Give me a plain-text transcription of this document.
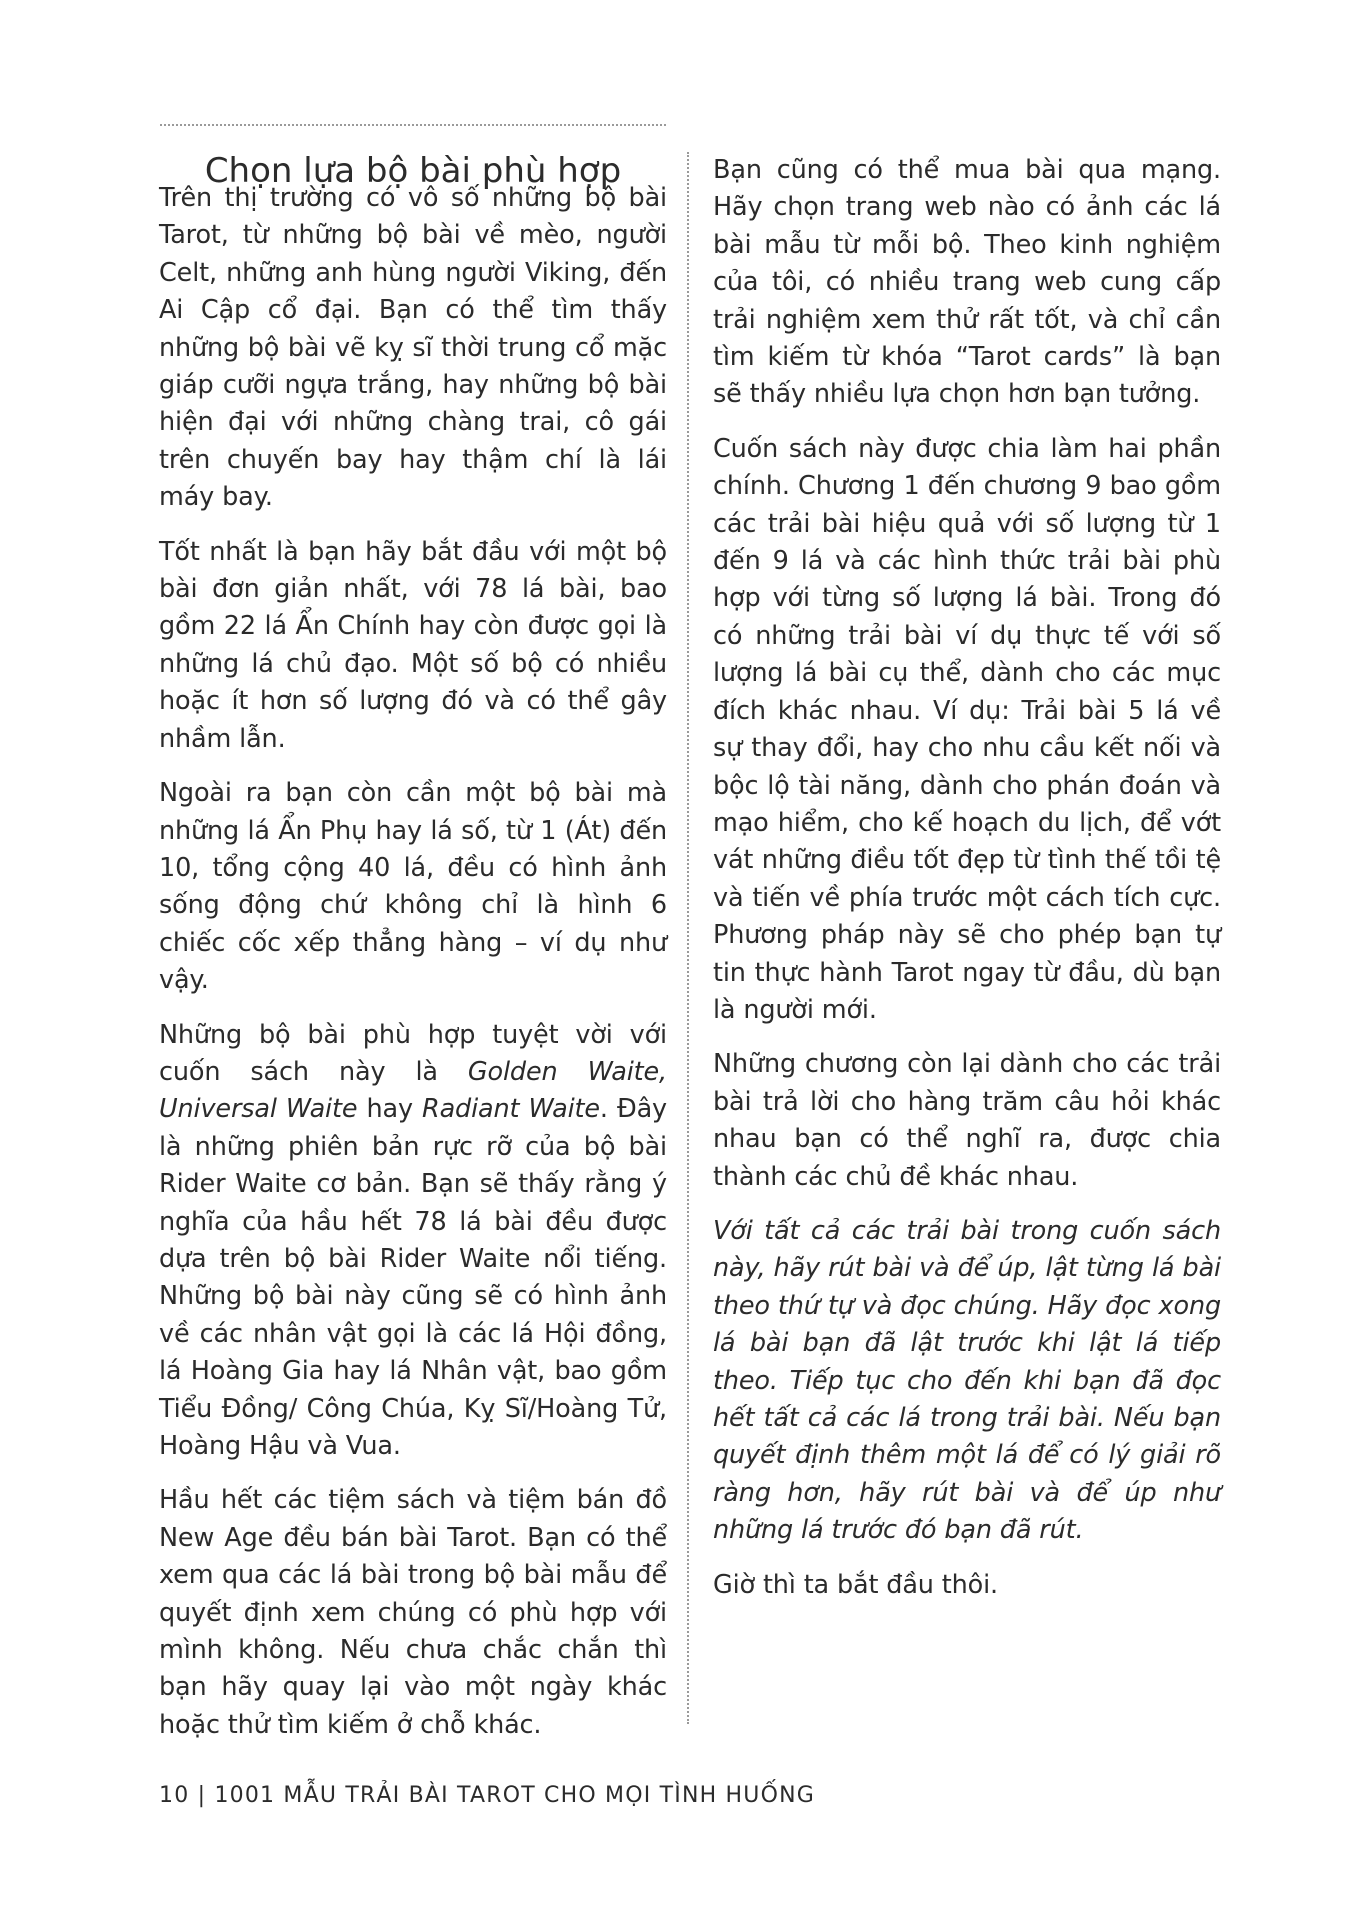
Chọn lựa bộ bài phù hợp

Trên thị trường có vô số những bộ bài Tarot, từ những bộ bài về mèo, người Celt, những anh hùng người Viking, đến Ai Cập cổ đại. Bạn có thể tìm thấy những bộ bài vẽ kỵ sĩ thời trung cổ mặc giáp cưỡi ngựa trắng, hay những bộ bài hiện đại với những chàng trai, cô gái trên chuyến bay hay thậm chí là lái máy bay.

Tốt nhất là bạn hãy bắt đầu với một bộ bài đơn giản nhất, với 78 lá bài, bao gồm 22 lá Ẩn Chính hay còn được gọi là những lá chủ đạo. Một số bộ có nhiều hoặc ít hơn số lượng đó và có thể gây nhầm lẫn.

Ngoài ra bạn còn cần một bộ bài mà những lá Ẩn Phụ hay lá số, từ 1 (Át) đến 10, tổng cộng 40 lá, đều có hình ảnh sống động chứ không chỉ là hình 6 chiếc cốc xếp thẳng hàng – ví dụ như vậy.

Những bộ bài phù hợp tuyệt vời với cuốn sách này là Golden Waite, Universal Waite hay Radiant Waite. Đây là những phiên bản rực rỡ của bộ bài Rider Waite cơ bản. Bạn sẽ thấy rằng ý nghĩa của hầu hết 78 lá bài đều được dựa trên bộ bài Rider Waite nổi tiếng. Những bộ bài này cũng sẽ có hình ảnh về các nhân vật gọi là các lá Hội đồng, lá Hoàng Gia hay lá Nhân vật, bao gồm Tiểu Đồng/ Công Chúa, Kỵ Sĩ/Hoàng Tử, Hoàng Hậu và Vua.

Hầu hết các tiệm sách và tiệm bán đồ New Age đều bán bài Tarot. Bạn có thể xem qua các lá bài trong bộ bài mẫu để quyết định xem chúng có phù hợp với mình không. Nếu chưa chắc chắn thì bạn hãy quay lại vào một ngày khác hoặc thử tìm kiếm ở chỗ khác.

Bạn cũng có thể mua bài qua mạng. Hãy chọn trang web nào có ảnh các lá bài mẫu từ mỗi bộ. Theo kinh nghiệm của tôi, có nhiều trang web cung cấp trải nghiệm xem thử rất tốt, và chỉ cần tìm kiếm từ khóa “Tarot cards” là bạn sẽ thấy nhiều lựa chọn hơn bạn tưởng.

Cuốn sách này được chia làm hai phần chính. Chương 1 đến chương 9 bao gồm các trải bài hiệu quả với số lượng từ 1 đến 9 lá và các hình thức trải bài phù hợp với từng số lượng lá bài. Trong đó có những trải bài ví dụ thực tế với số lượng lá bài cụ thể, dành cho các mục đích khác nhau. Ví dụ: Trải bài 5 lá về sự thay đổi, hay cho nhu cầu kết nối và bộc lộ tài năng, dành cho phán đoán và mạo hiểm, cho kế hoạch du lịch, để vớt vát những điều tốt đẹp từ tình thế tồi tệ và tiến về phía trước một cách tích cực. Phương pháp này sẽ cho phép bạn tự tin thực hành Tarot ngay từ đầu, dù bạn là người mới.

Những chương còn lại dành cho các trải bài trả lời cho hàng trăm câu hỏi khác nhau bạn có thể nghĩ ra, được chia thành các chủ đề khác nhau.

Với tất cả các trải bài trong cuốn sách này, hãy rút bài và để úp, lật từng lá bài theo thứ tự và đọc chúng. Hãy đọc xong lá bài bạn đã lật trước khi lật lá tiếp theo. Tiếp tục cho đến khi bạn đã đọc hết tất cả các lá trong trải bài. Nếu bạn quyết định thêm một lá để có lý giải rõ ràng hơn, hãy rút bài và để úp như những lá trước đó bạn đã rút.

Giờ thì ta bắt đầu thôi.

10 | 1001 MẪU TRẢI BÀI TAROT CHO MỌI TÌNH HUỐNG
